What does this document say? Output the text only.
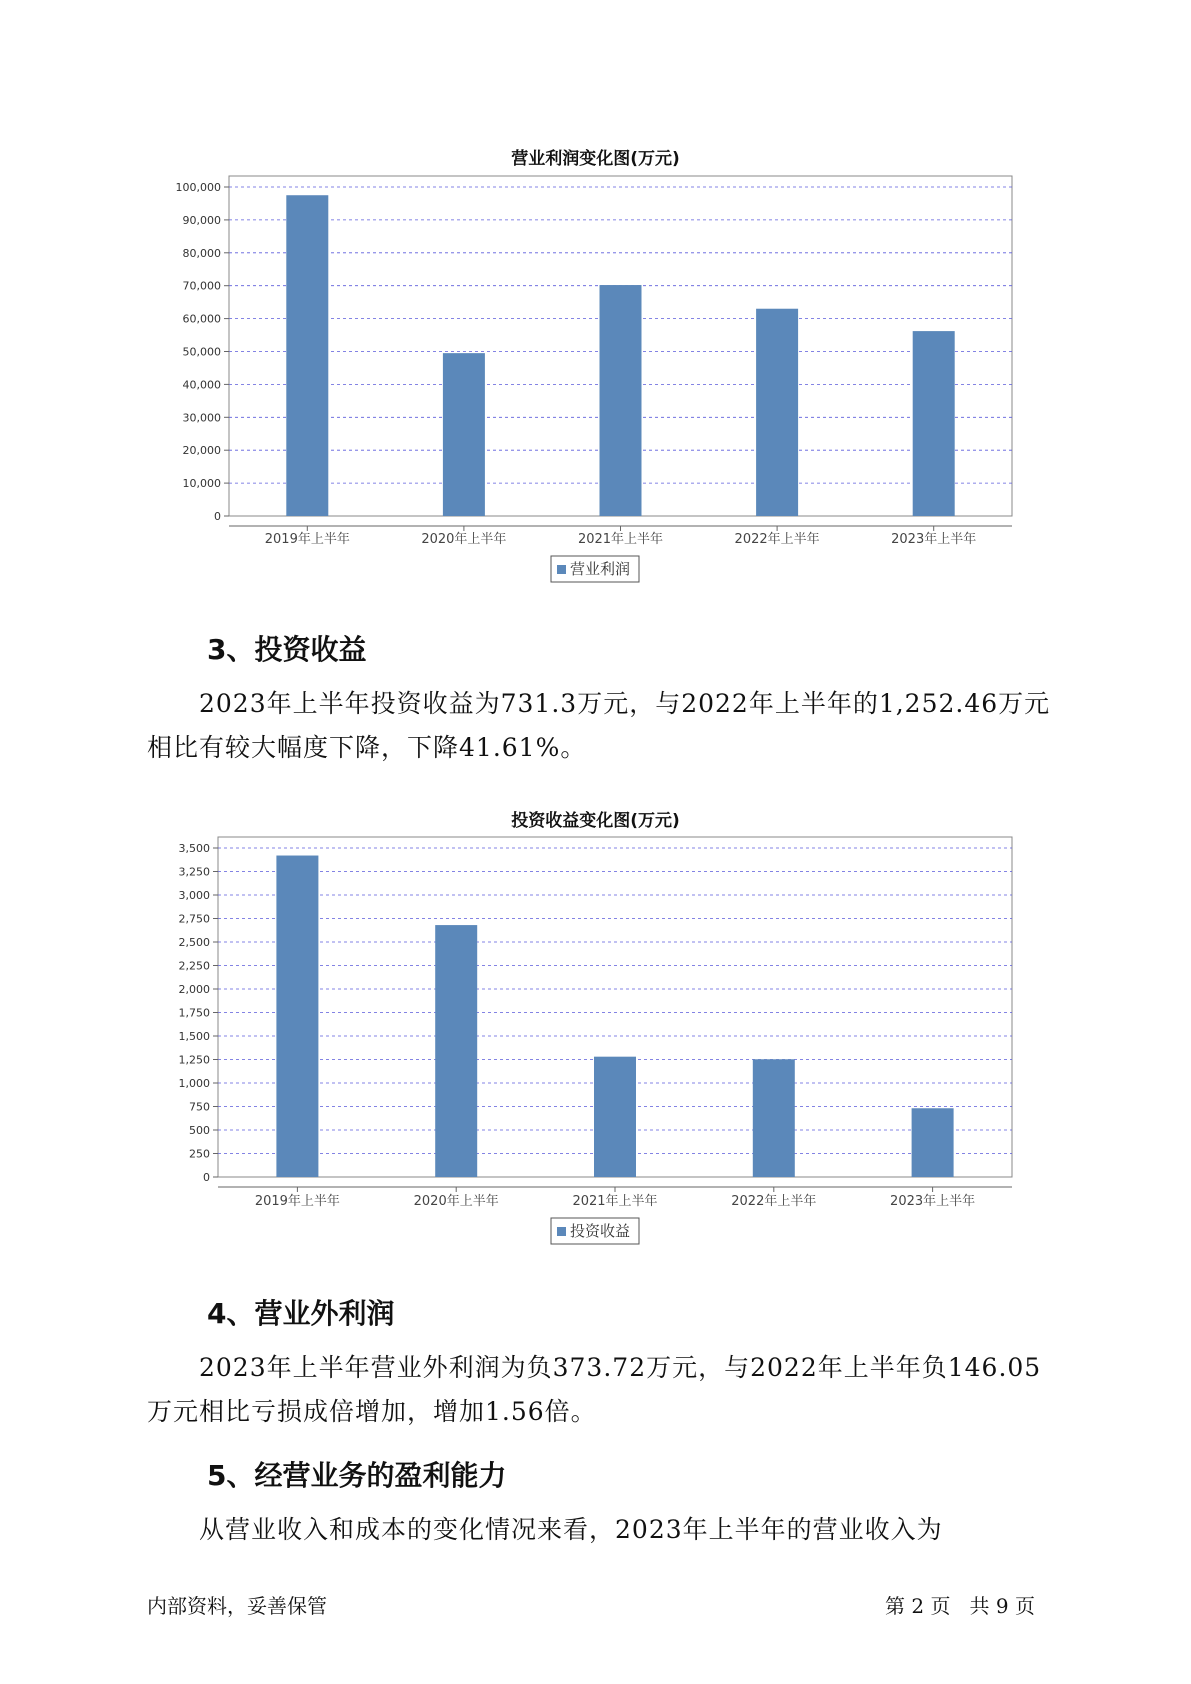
营业利润变化图(万元)
0
10,000
20,000
30,000
40,000
50,000
60,000
70,000
80,000
90,000
100,000
2019年上半年	2020年上半年	2021年上半年	2022年上半年	2023年上半年
营业利润
3、投资收益

2023年上半年投资收益为731.3万元，与2022年上半年的1,252.46万元相比有较大幅度下降，下降41.61%。

投资收益变化图(万元)
0
250
500
750
1,000
1,250
1,500
1,750
2,000
2,250
2,500
2,750
3,000
3,250
3,500
2019年上半年	2020年上半年	2021年上半年	2022年上半年	2023年上半年
投资收益
4、营业外利润

2023年上半年营业外利润为负373.72万元，与2022年上半年负146.05万元相比亏损成倍增加，增加1.56倍。

5、经营业务的盈利能力

从营业收入和成本的变化情况来看，2023年上半年的营业收入为

内部资料，妥善保管	第 2 页   共 9 页
